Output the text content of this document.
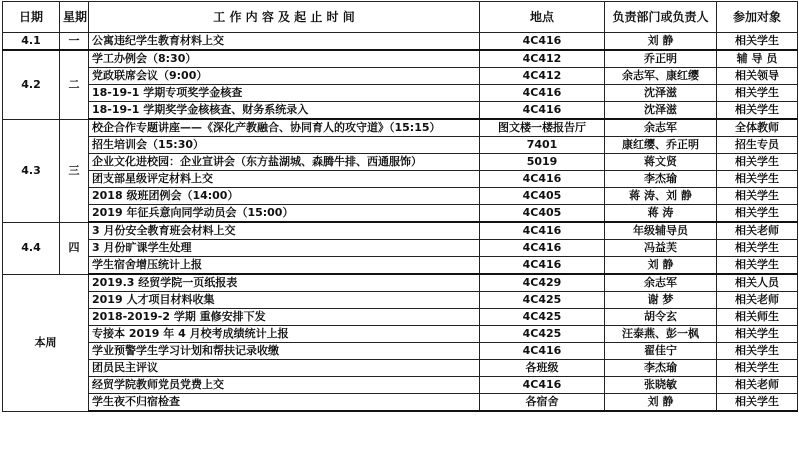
日期	星期	工 作 内 容 及 起 止 时 间	地点	负责部门或负责人	参加对象
4.1	一	公寓违纪学生教育材料上交	4C416	刘 静	相关学生
4.2	二	学工办例会（8:30）	4C412	乔正明	辅 导 员
		党政联席会议（9:00）	4C412	余志军、康红缨	相关领导
		18-19-1 学期专项奖学金核查	4C416	沈泽滋	相关学生
		18-19-1 学期奖学金核核查、财务系统录入	4C416	沈泽滋	相关学生
4.3	三	校企合作专题讲座——《深化产教融合、协同育人的攻守道》（15:15）	图文楼一楼报告厅	余志军	全体教师
		招生培训会（15:30）	7401	康红缨、乔正明	招生专员
		企业文化进校园：企业宣讲会（东方盐湖城、森腾牛排、西通服饰）	5019	蒋文贤	相关学生
		团支部星级评定材料上交	4C416	李杰瑜	相关学生
		2018 级班团例会（14:00）	4C405	蒋 涛、刘 静	相关学生
		2019 年征兵意向同学动员会（15:00）	4C405	蒋 涛	相关学生
4.4	四	3 月份安全教育班会材料上交	4C416	年级辅导员	相关老师
		3 月份旷课学生处理	4C416	冯益芙	相关学生
		学生宿舍增压统计上报	4C416	刘 静	相关学生
本周		2019.3 经贸学院一页纸报表	4C429	余志军	相关人员
		2019 人才项目材料收集	4C425	谢 梦	相关老师
		2018-2019-2 学期 重修安排下发	4C425	胡令玄	相关师生
		专接本 2019 年 4 月校考成绩统计上报	4C425	汪泰燕、彭一枫	相关学生
		学业预警学生学习计划和帮扶记录收缴	4C416	翟佳宁	相关学生
		团员民主评议	各班级	李杰瑜	相关学生
		经贸学院教师党员党费上交	4C416	张晓敏	相关老师
		学生夜不归宿检查	各宿舍	刘 静	相关学生
